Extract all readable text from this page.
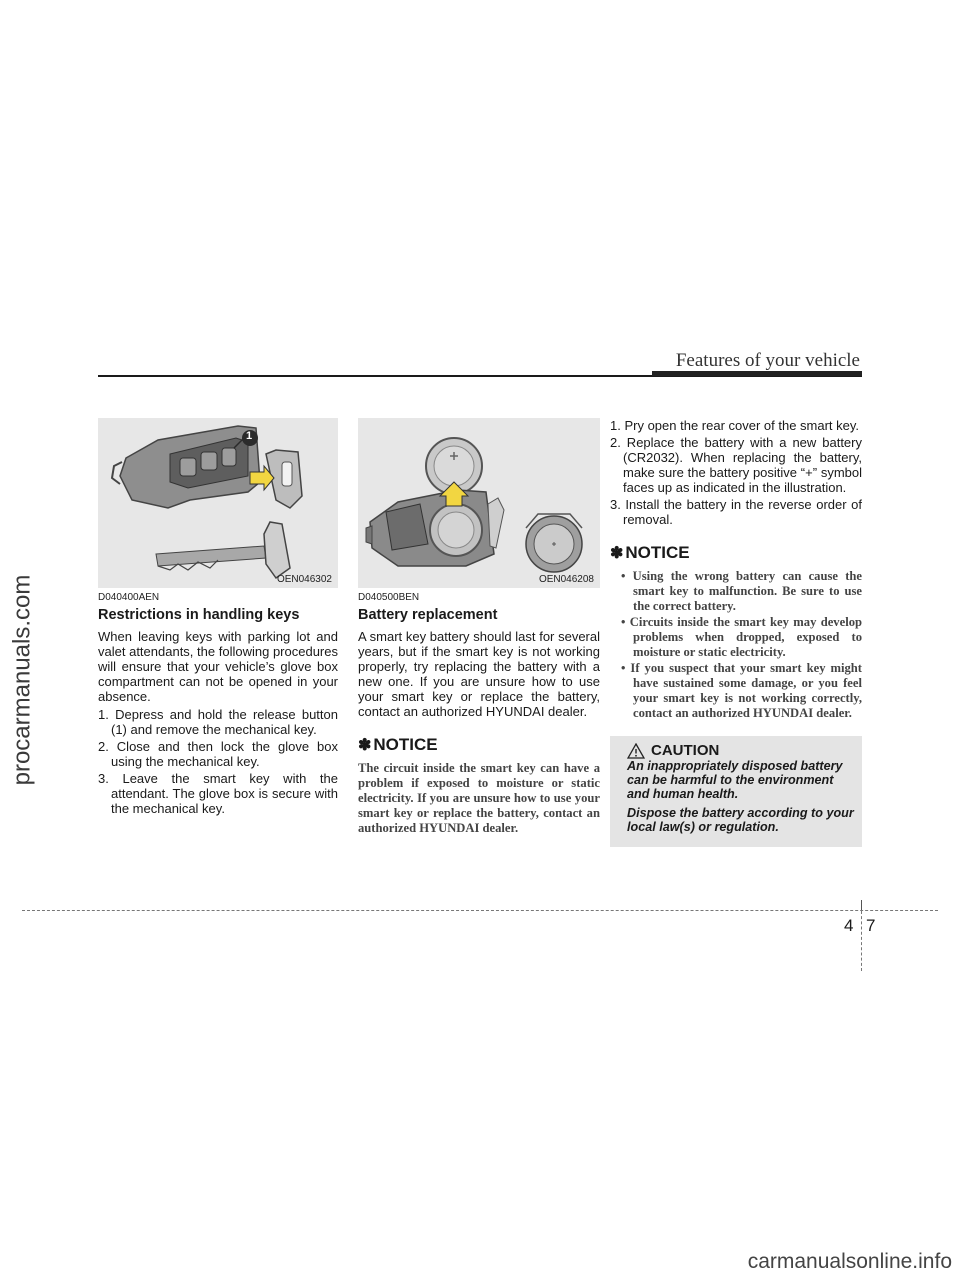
procarmanuals.com
Features of your vehicle
1
OEN046302
D040400AEN
Restrictions in handling keys

When leaving keys with parking lot and valet attendants, the following procedures will ensure that your vehicle’s glove box compartment can not be opened in your absence.

1. Depress and hold the release button (1) and remove the mechanical key.
2. Close and then lock the glove box using the mechanical key.
3. Leave the smart key with the attendant. The glove box is secure with the mechanical key.
OEN046208
D040500BEN
Battery replacement

A smart key battery should last for several years, but if the smart key is not working properly, try replacing the battery with a new one. If you are unsure how to use your smart key or replace the battery, contact an authorized HYUNDAI dealer.

✽ NOTICE

The circuit inside the smart key can have a problem if exposed to moisture or static electricity. If you are unsure how to use your smart key or replace the battery, contact an authorized HYUNDAI dealer.

1. Pry open the rear cover of the smart key.
2. Replace the battery with a new battery (CR2032). When replacing the battery, make sure the battery positive “+” symbol faces up as indicated in the illustration.
3. Install the battery in the reverse order of removal.
✽ NOTICE
• Using the wrong battery can cause the smart key to malfunction. Be sure to use the correct battery.
• Circuits inside the smart key may develop problems when dropped, exposed to moisture or static electricity.
• If you suspect that your smart key might have sustained some damage, or you feel your smart key is not working correctly, contact an authorized HYUNDAI dealer.
CAUTION

An inappropriately disposed battery can be harmful to the environment and human health.

Dispose the battery according to your local law(s) or regulation.

4 7
carmanualsonline.info
